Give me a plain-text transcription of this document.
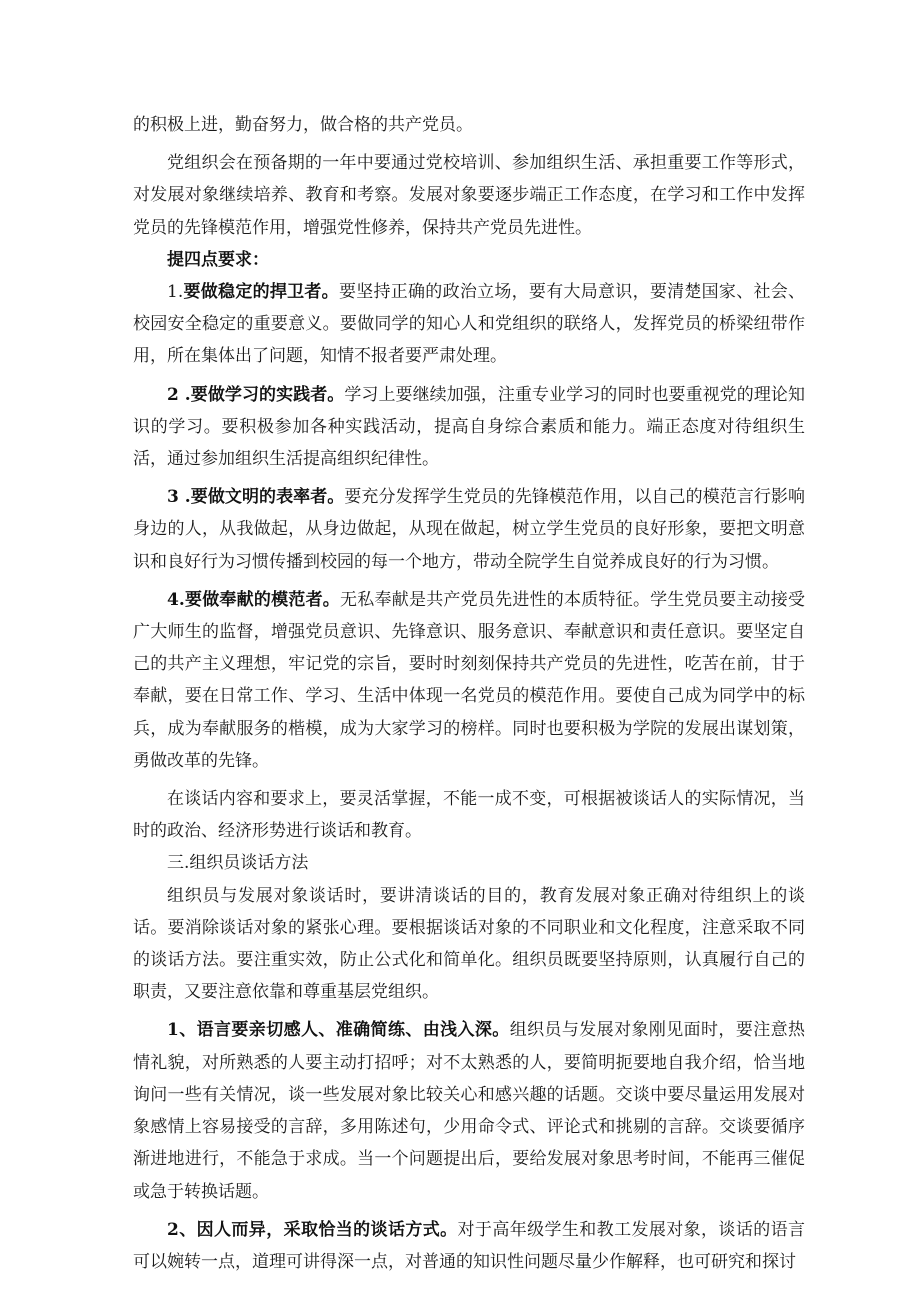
的积极上进，勤奋努力，做合格的共产党员。

党组织会在预备期的一年中要通过党校培训、参加组织生活、承担重要工作等形式，对发展对象继续培养、教育和考察。发展对象要逐步端正工作态度，在学习和工作中发挥党员的先锋模范作用，增强党性修养，保持共产党员先进性。

提四点要求：

1.要做稳定的捍卫者。要坚持正确的政治立场，要有大局意识，要清楚国家、社会、校园安全稳定的重要意义。要做同学的知心人和党组织的联络人，发挥党员的桥梁纽带作用，所在集体出了问题，知情不报者要严肃处理。

2 .要做学习的实践者。学习上要继续加强，注重专业学习的同时也要重视党的理论知识的学习。要积极参加各种实践活动，提高自身综合素质和能力。端正态度对待组织生活，通过参加组织生活提高组织纪律性。

3 .要做文明的表率者。要充分发挥学生党员的先锋模范作用，以自己的模范言行影响身边的人，从我做起，从身边做起，从现在做起，树立学生党员的良好形象，要把文明意识和良好行为习惯传播到校园的每一个地方，带动全院学生自觉养成良好的行为习惯。

4.要做奉献的模范者。无私奉献是共产党员先进性的本质特征。学生党员要主动接受广大师生的监督，增强党员意识、先锋意识、服务意识、奉献意识和责任意识。要坚定自己的共产主义理想，牢记党的宗旨，要时时刻刻保持共产党员的先进性，吃苦在前，甘于奉献，要在日常工作、学习、生活中体现一名党员的模范作用。要使自己成为同学中的标兵，成为奉献服务的楷模，成为大家学习的榜样。同时也要积极为学院的发展出谋划策，勇做改革的先锋。

在谈话内容和要求上，要灵活掌握，不能一成不变，可根据被谈话人的实际情况，当时的政治、经济形势进行谈话和教育。

三.组织员谈话方法

组织员与发展对象谈话时，要讲清谈话的目的，教育发展对象正确对待组织上的谈话。要消除谈话对象的紧张心理。要根据谈话对象的不同职业和文化程度，注意采取不同的谈话方法。要注重实效，防止公式化和简单化。组织员既要坚持原则，认真履行自己的职责，又要注意依靠和尊重基层党组织。

1、语言要亲切感人、准确简练、由浅入深。组织员与发展对象刚见面时，要注意热情礼貌，对所熟悉的人要主动打招呼；对不太熟悉的人，要简明扼要地自我介绍，恰当地询问一些有关情况，谈一些发展对象比较关心和感兴趣的话题。交谈中要尽量运用发展对象感情上容易接受的言辞，多用陈述句，少用命令式、评论式和挑剔的言辞。交谈要循序渐进地进行，不能急于求成。当一个问题提出后，要给发展对象思考时间，不能再三催促或急于转换话题。

2、因人而异，采取恰当的谈话方式。对于高年级学生和教工发展对象，谈话的语言可以婉转一点，道理可讲得深一点，对普通的知识性问题尽量少作解释，也可研究和探讨
